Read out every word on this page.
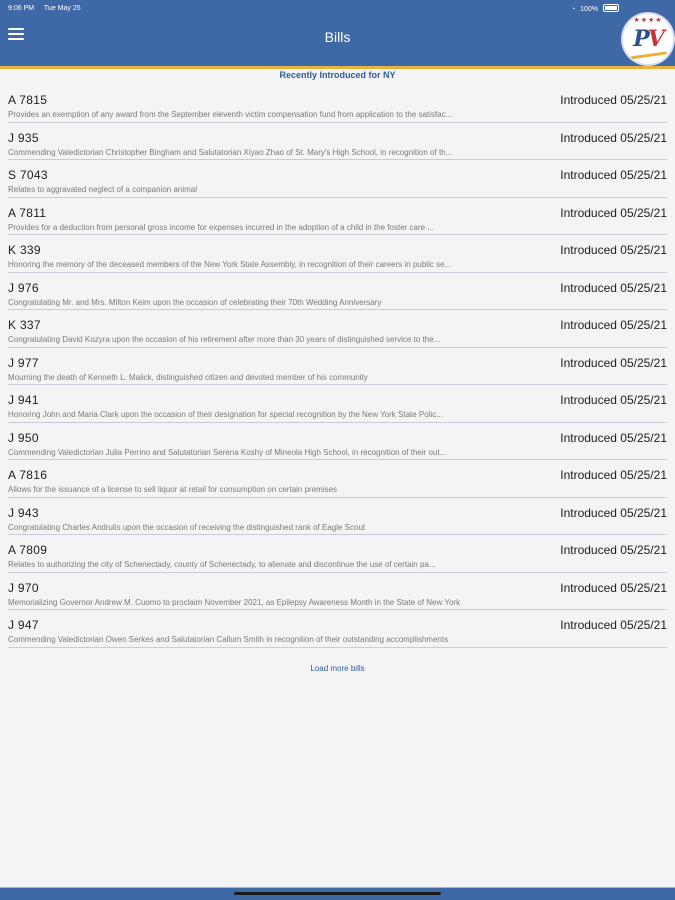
9:06 PM Tue May 25	◔ 100%
Bills
★★★★
PV
Recently Introduced for NY
A 7815	Introduced 05/25/21
Provides an exemption of any award from the September eleventh victim compensation fund from application to the satisfac...
J 935	Introduced 05/25/21
Commending Valedictorian Christopher Bingham and Salutatorian Xiyao Zhao of St. Mary's High School, in recognition of th...
S 7043	Introduced 05/25/21
Relates to aggravated neglect of a companion animal
A 7811	Introduced 05/25/21
Provides for a deduction from personal gross income for expenses incurred in the adoption of a child in the foster care ...
K 339	Introduced 05/25/21
Honoring the memory of the deceased members of the New York State Assembly, in recognition of their careers in public se...
J 976	Introduced 05/25/21
Congratulating Mr. and Mrs. Milton Keim upon the occasion of celebrating their 70th Wedding Anniversary
K 337	Introduced 05/25/21
Congratulating David Kozyra upon the occasion of his retirement after more than 30 years of distinguished service to the...
J 977	Introduced 05/25/21
Mourning the death of Kenneth L. Malick, distinguished citizen and devoted member of his community
J 941	Introduced 05/25/21
Honoring John and Maria Clark upon the occasion of their designation for special recognition by the New York State Polic...
J 950	Introduced 05/25/21
Commending Valedictorian Julia Perrino and Salutatorian Serena Koshy of Mineola High School, in recognition of their out...
A 7816	Introduced 05/25/21
Allows for the issuance of a license to sell liquor at retail for consumption on certain premises
J 943	Introduced 05/25/21
Congratulating Charles Andrulis upon the occasion of receiving the distinguished rank of Eagle Scout
A 7809	Introduced 05/25/21
Relates to authorizing the city of Schenectady, county of Schenectady, to alienate and discontinue the use of certain pa...
J 970	Introduced 05/25/21
Memorializing Governor Andrew M. Cuomo to proclaim November 2021, as Epilepsy Awareness Month in the State of New York
J 947	Introduced 05/25/21
Commending Valedictorian Owen Serkes and Salutatorian Callum Smith in recognition of their outstanding accomplishments
Load more bills
